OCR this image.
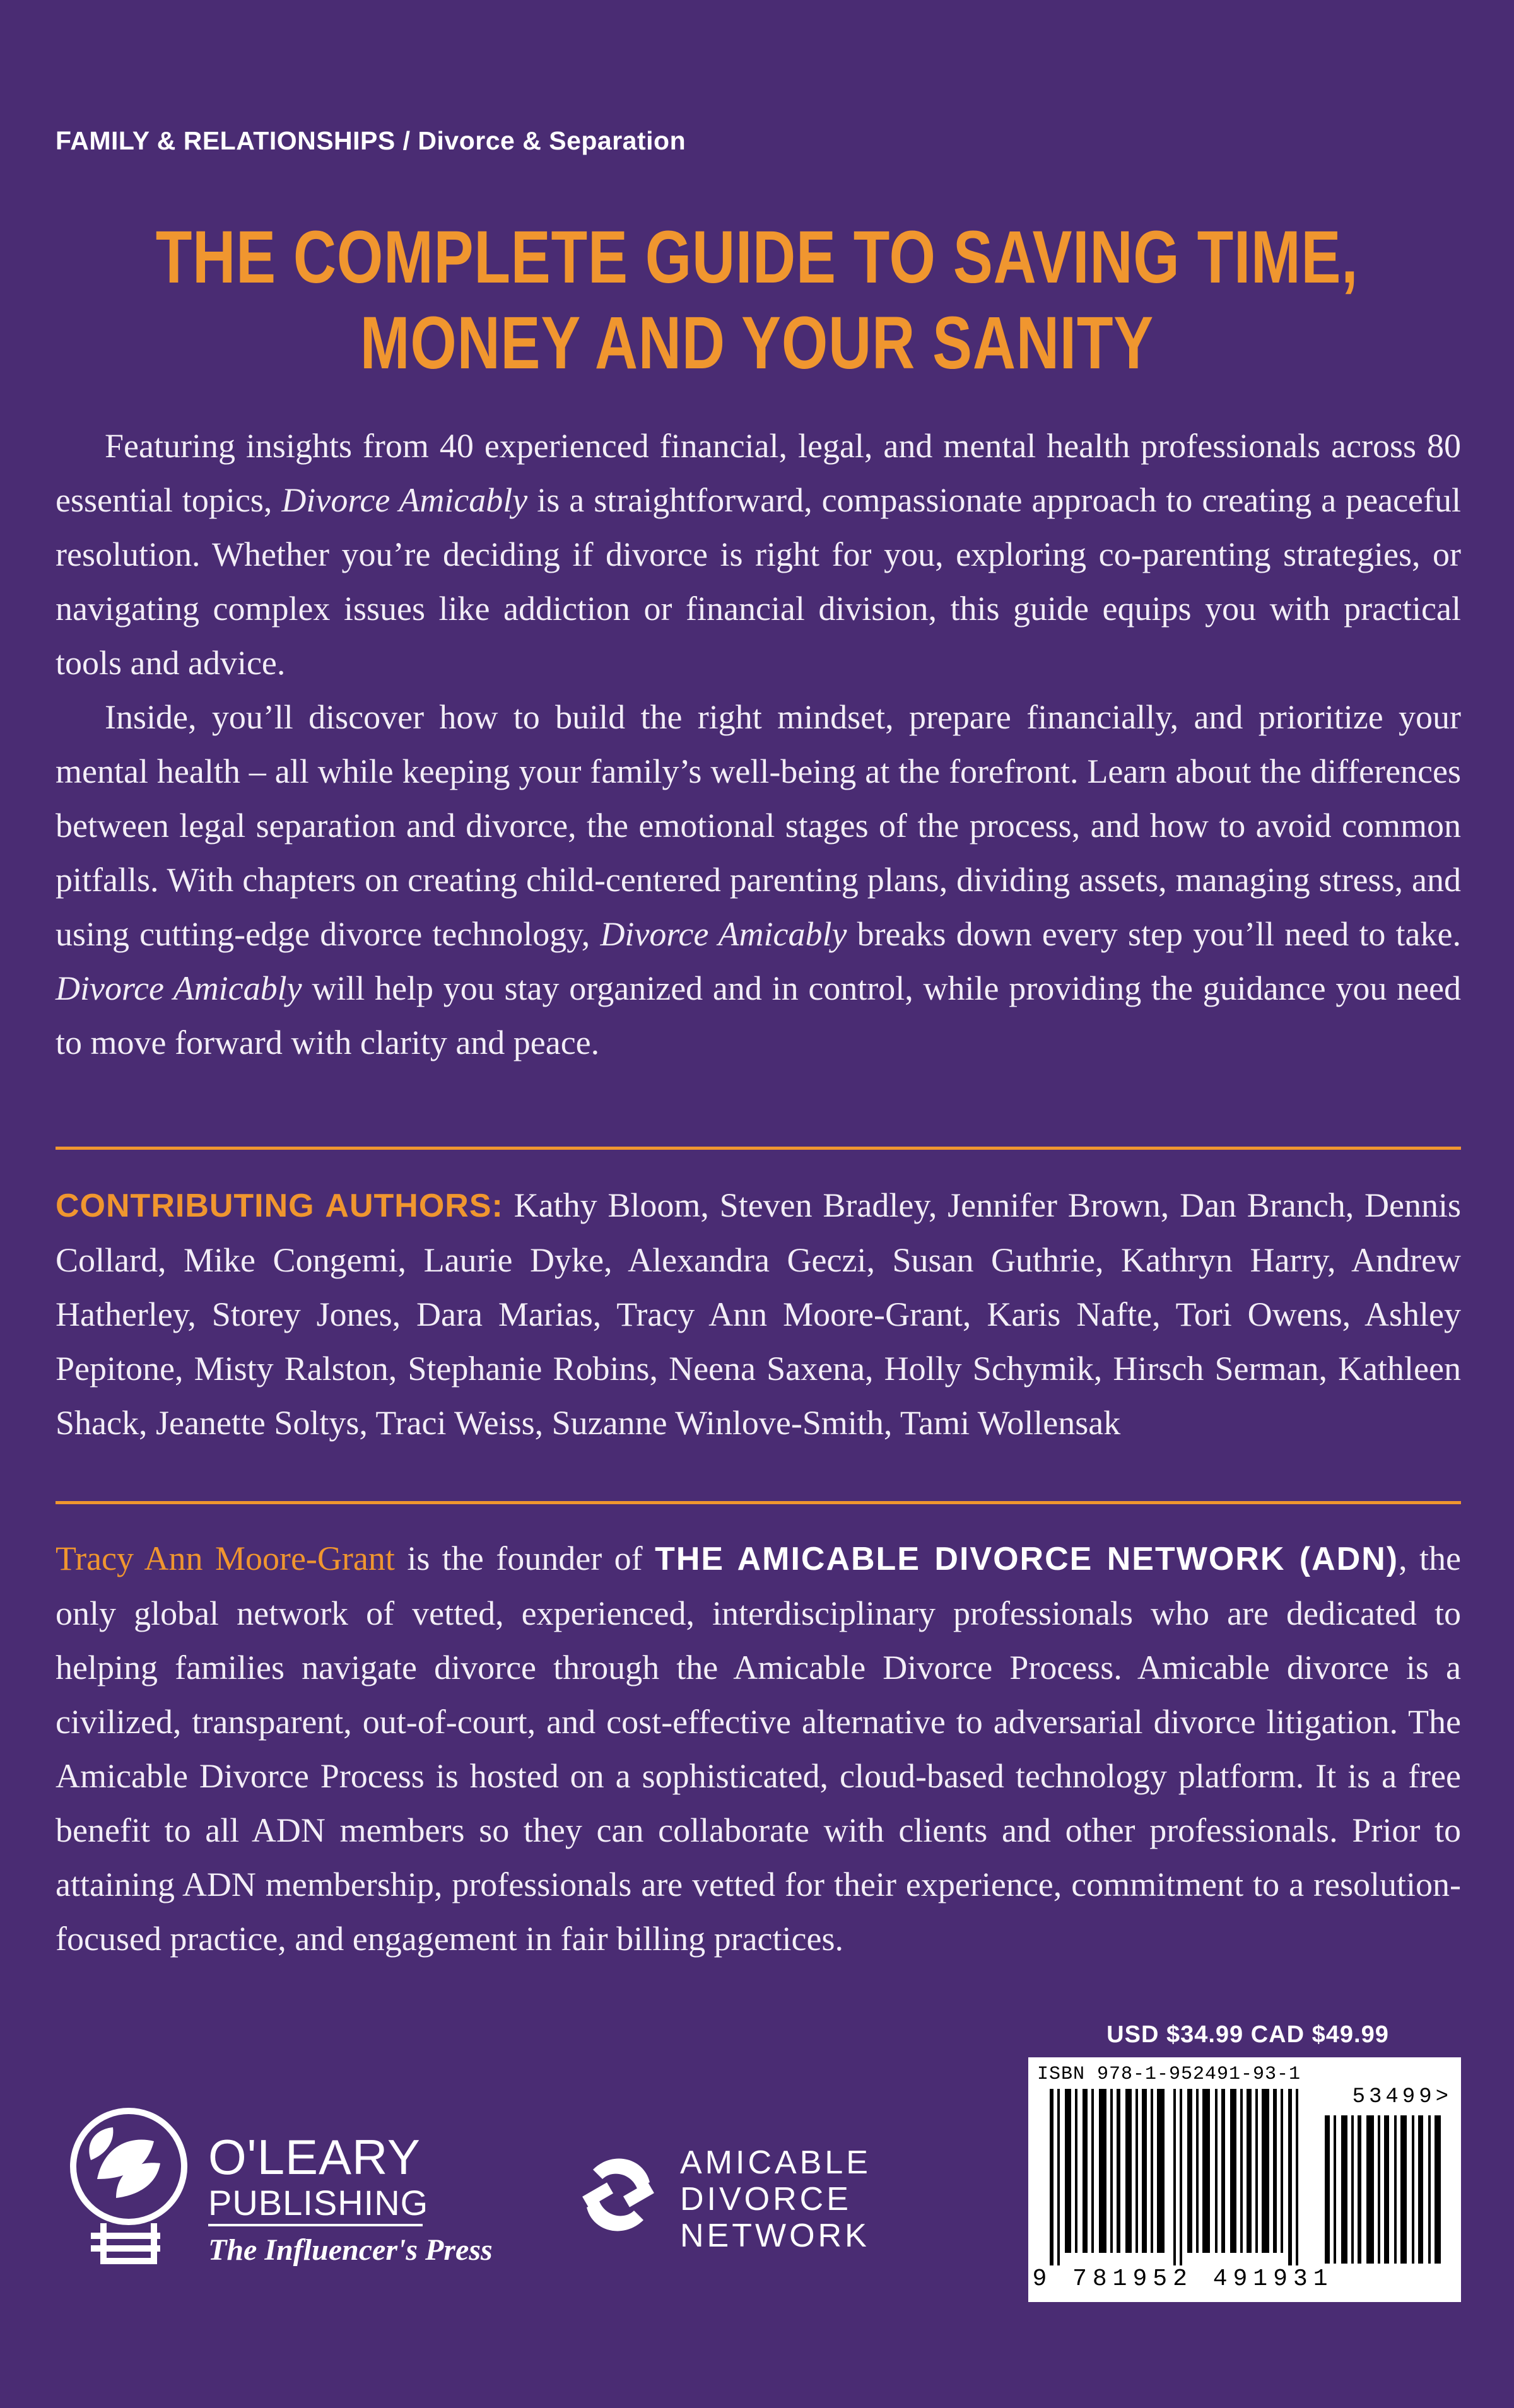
FAMILY & RELATIONSHIPS / Divorce & Separation
THE COMPLETE GUIDE TO SAVING TIME,
MONEY AND YOUR SANITY

Featuring insights from 40 experienced financial, legal, and mental health professionals across 80 essential topics, Divorce Amicably is a straightforward, compassionate approach to creating a peaceful resolution. Whether you’re deciding if divorce is right for you, exploring co-parenting strategies, or navigating complex issues like addiction or financial division, this guide equips you with practical tools and advice.

Inside, you’ll discover how to build the right mindset, prepare financially, and prioritize your mental health – all while keeping your family’s well-being at the forefront. Learn about the differences between legal separation and divorce, the emotional stages of the process, and how to avoid common pitfalls. With chapters on creating child-centered parenting plans, dividing assets, managing stress, and using cutting-edge divorce technology, Divorce Amicably breaks down every step you’ll need to take. Divorce Amicably will help you stay organized and in control, while providing the guidance you need to move forward with clarity and peace.

CONTRIBUTING AUTHORS: Kathy Bloom, Steven Bradley, Jennifer Brown, Dan Branch, Dennis Collard, Mike Congemi, Laurie Dyke, Alexandra Geczi, Susan Guthrie, Kathryn Harry, Andrew Hatherley, Storey Jones, Dara Marias, Tracy Ann Moore-Grant, Karis Nafte, Tori Owens, Ashley Pepitone, Misty Ralston, Stephanie Robins, Neena Saxena, Holly Schymik, Hirsch Serman, Kathleen Shack, Jeanette Soltys, Traci Weiss, Suzanne Winlove-Smith, Tami Wollensak

Tracy Ann Moore-Grant is the founder of THE AMICABLE DIVORCE NETWORK (ADN), the only global network of vetted, experienced, interdisciplinary professionals who are dedicated to helping families navigate divorce through the Amicable Divorce Process. Amicable divorce is a civilized, transparent, out-of-court, and cost-effective alternative to adversarial divorce litigation. The Amicable Divorce Process is hosted on a sophisticated, cloud-based technology platform. It is a free benefit to all ADN members so they can collaborate with clients and other professionals. Prior to attaining ADN membership, professionals are vetted for their experience, commitment to a resolution-focused practice, and engagement in fair billing practices.

USD $34.99 CAD $49.99
ISBN 978-1-952491-93-1
53499>
9 781952 491931
O'LEARY
PUBLISHING
The Influencer's Press
AMICABLE
DIVORCE
NETWORK
